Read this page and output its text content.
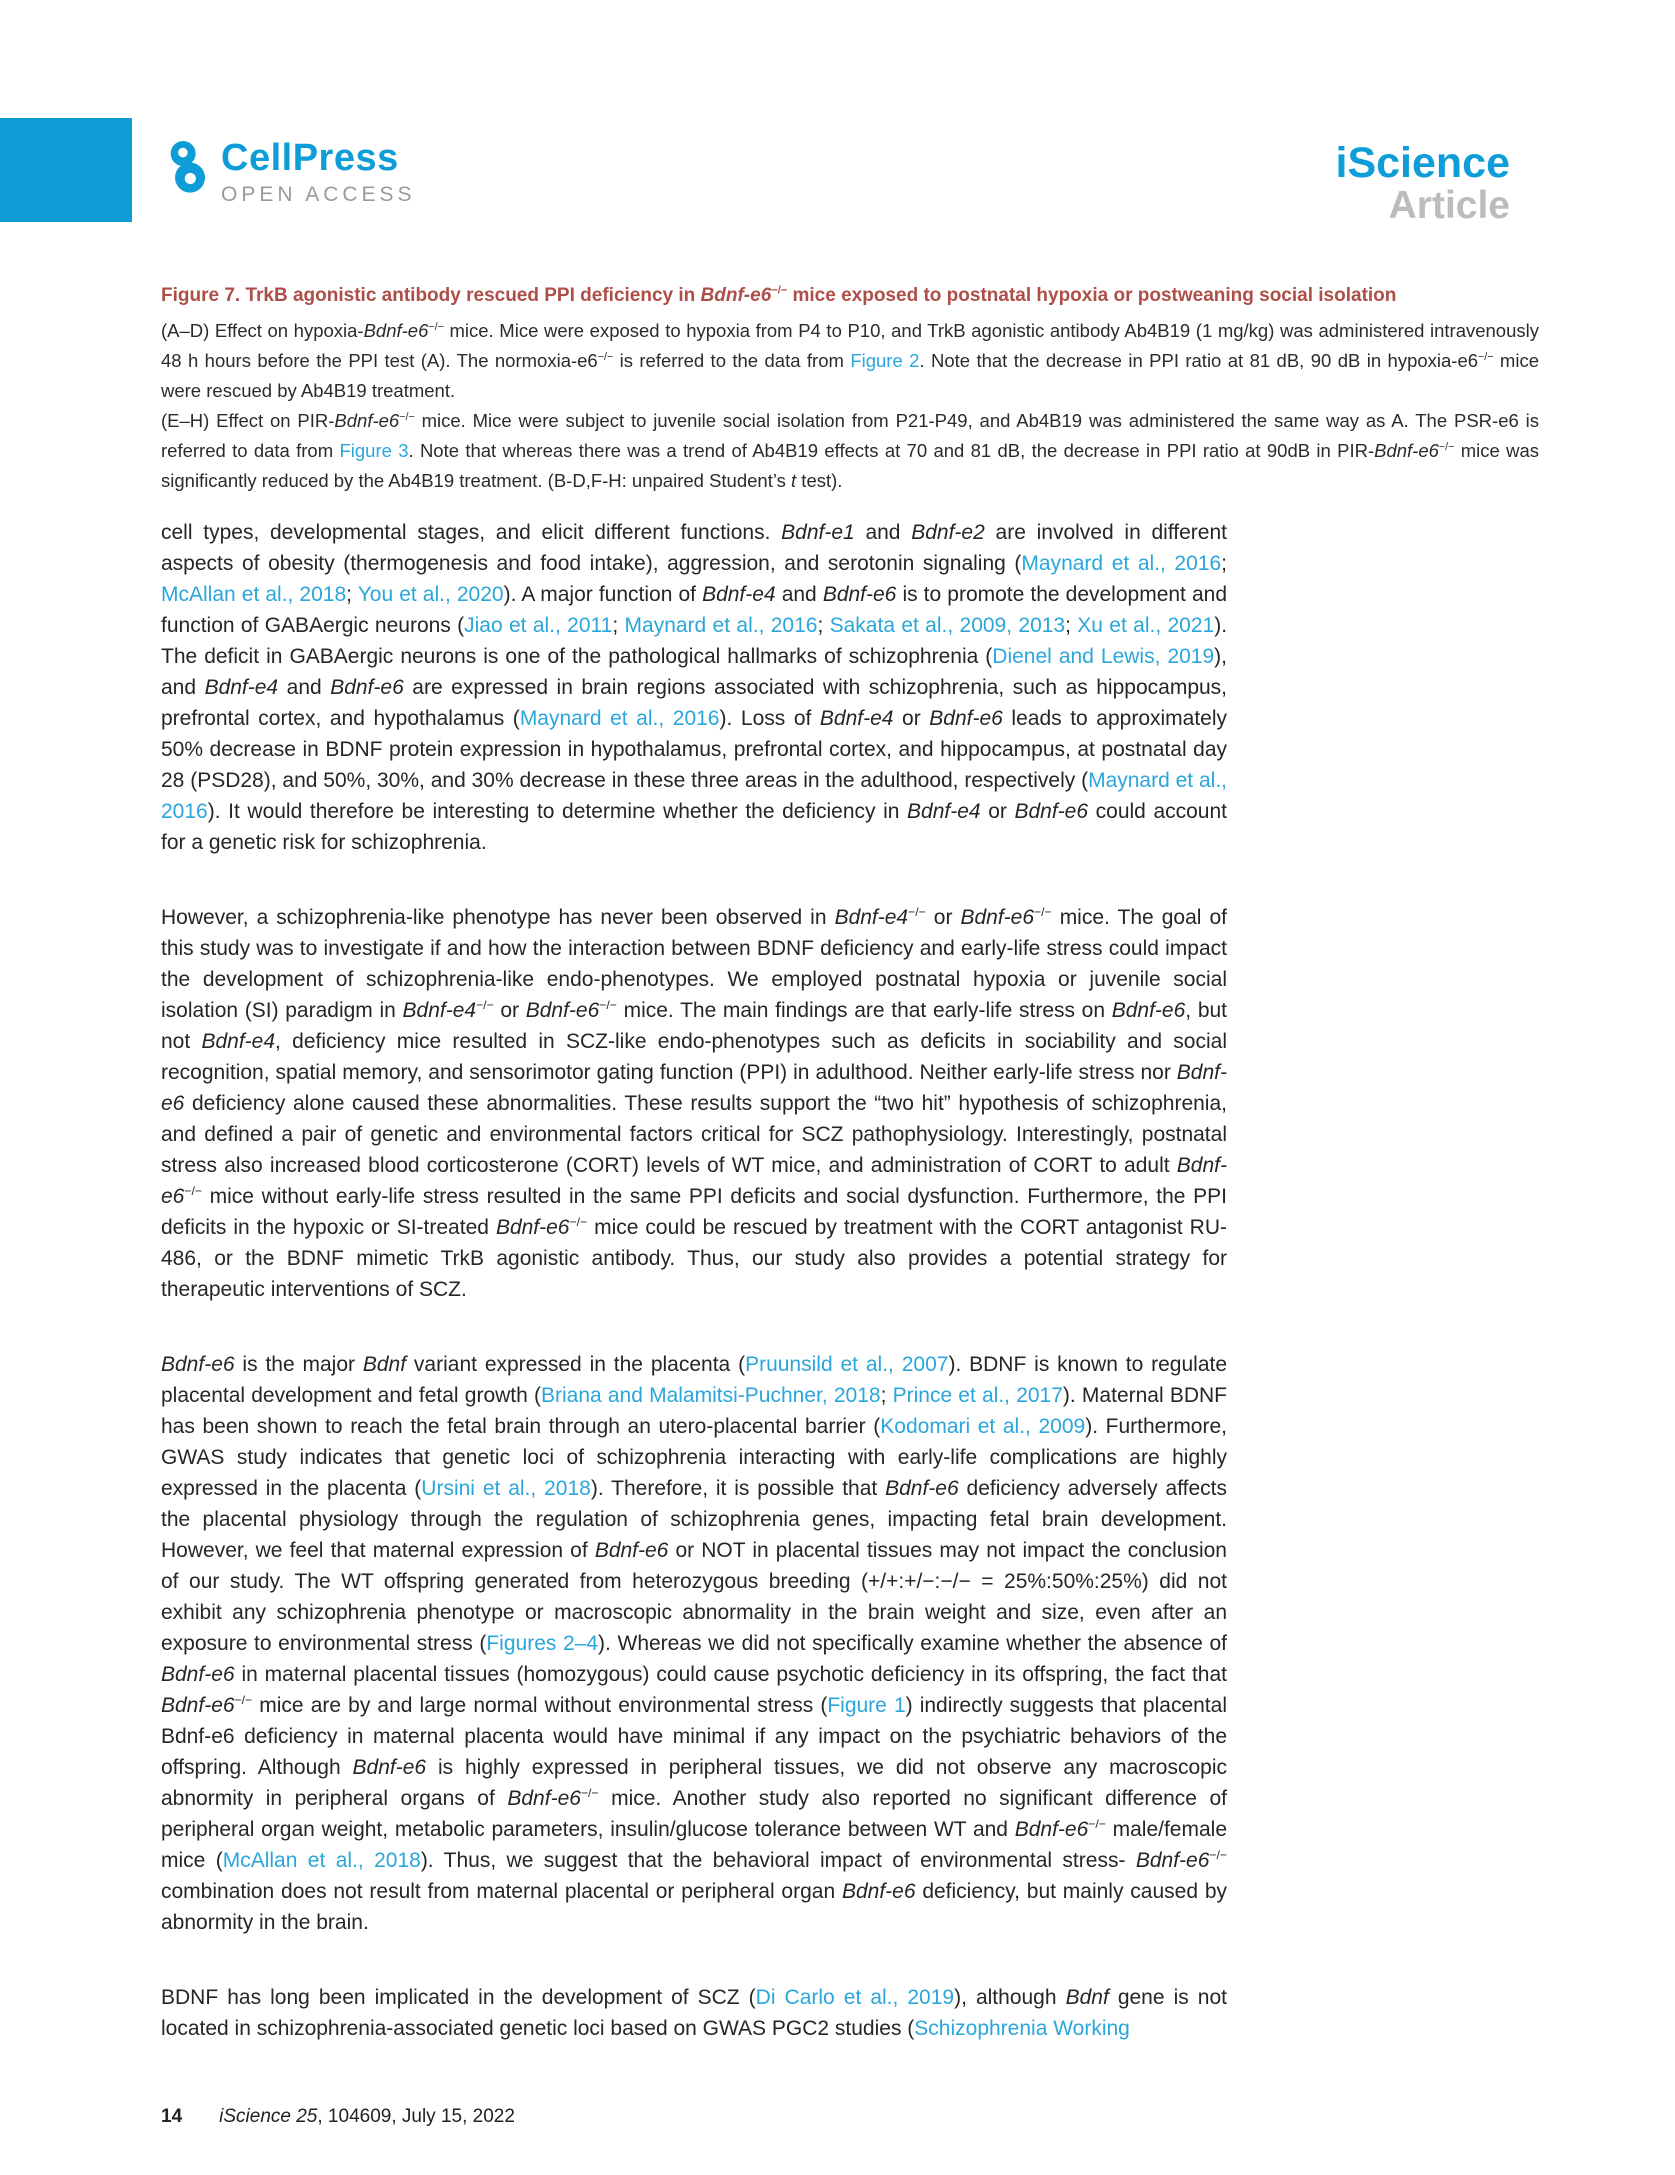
CellPress
OPEN ACCESS
iScience
Article

Figure 7. TrkB agonistic antibody rescued PPI deficiency in Bdnf-e6−/− mice exposed to postnatal hypoxia or postweaning social isolation

(A–D) Effect on hypoxia-Bdnf-e6−/− mice. Mice were exposed to hypoxia from P4 to P10, and TrkB agonistic antibody Ab4B19 (1 mg/kg) was administered intravenously 48 h hours before the PPI test (A). The normoxia-e6−/− is referred to the data from Figure 2. Note that the decrease in PPI ratio at 81 dB, 90 dB in hypoxia-e6−/− mice were rescued by Ab4B19 treatment.

(E–H) Effect on PIR-Bdnf-e6−/− mice. Mice were subject to juvenile social isolation from P21-P49, and Ab4B19 was administered the same way as A. The PSR-e6 is referred to data from Figure 3. Note that whereas there was a trend of Ab4B19 effects at 70 and 81 dB, the decrease in PPI ratio at 90dB in PIR-Bdnf-e6−/− mice was significantly reduced by the Ab4B19 treatment. (B-D,F-H: unpaired Student’s t test).

cell types, developmental stages, and elicit different functions. Bdnf-e1 and Bdnf-e2 are involved in different aspects of obesity (thermogenesis and food intake), aggression, and serotonin signaling (Maynard et al., 2016; McAllan et al., 2018; You et al., 2020). A major function of Bdnf-e4 and Bdnf-e6 is to promote the development and function of GABAergic neurons (Jiao et al., 2011; Maynard et al., 2016; Sakata et al., 2009, 2013; Xu et al., 2021). The deficit in GABAergic neurons is one of the pathological hallmarks of schizophrenia (Dienel and Lewis, 2019), and Bdnf-e4 and Bdnf-e6 are expressed in brain regions associated with schizophrenia, such as hippocampus, prefrontal cortex, and hypothalamus (Maynard et al., 2016). Loss of Bdnf-e4 or Bdnf-e6 leads to approximately 50% decrease in BDNF protein expression in hypothalamus, prefrontal cortex, and hippocampus, at postnatal day 28 (PSD28), and 50%, 30%, and 30% decrease in these three areas in the adulthood, respectively (Maynard et al., 2016). It would therefore be interesting to determine whether the deficiency in Bdnf-e4 or Bdnf-e6 could account for a genetic risk for schizophrenia.

However, a schizophrenia-like phenotype has never been observed in Bdnf-e4−/− or Bdnf-e6−/− mice. The goal of this study was to investigate if and how the interaction between BDNF deficiency and early-life stress could impact the development of schizophrenia-like endo-phenotypes. We employed postnatal hypoxia or juvenile social isolation (SI) paradigm in Bdnf-e4−/− or Bdnf-e6−/− mice. The main findings are that early-life stress on Bdnf-e6, but not Bdnf-e4, deficiency mice resulted in SCZ-like endo-phenotypes such as deficits in sociability and social recognition, spatial memory, and sensorimotor gating function (PPI) in adulthood. Neither early-life stress nor Bdnf-e6 deficiency alone caused these abnormalities. These results support the “two hit” hypothesis of schizophrenia, and defined a pair of genetic and environmental factors critical for SCZ pathophysiology. Interestingly, postnatal stress also increased blood corticosterone (CORT) levels of WT mice, and administration of CORT to adult Bdnf-e6−/− mice without early-life stress resulted in the same PPI deficits and social dysfunction. Furthermore, the PPI deficits in the hypoxic or SI-treated Bdnf-e6−/− mice could be rescued by treatment with the CORT antagonist RU-486, or the BDNF mimetic TrkB agonistic antibody. Thus, our study also provides a potential strategy for therapeutic interventions of SCZ.

Bdnf-e6 is the major Bdnf variant expressed in the placenta (Pruunsild et al., 2007). BDNF is known to regulate placental development and fetal growth (Briana and Malamitsi-Puchner, 2018; Prince et al., 2017). Maternal BDNF has been shown to reach the fetal brain through an utero-placental barrier (Kodomari et al., 2009). Furthermore, GWAS study indicates that genetic loci of schizophrenia interacting with early-life complications are highly expressed in the placenta (Ursini et al., 2018). Therefore, it is possible that Bdnf-e6 deficiency adversely affects the placental physiology through the regulation of schizophrenia genes, impacting fetal brain development. However, we feel that maternal expression of Bdnf-e6 or NOT in placental tissues may not impact the conclusion of our study. The WT offspring generated from heterozygous breeding (+/+:+/−:−/− = 25%:50%:25%) did not exhibit any schizophrenia phenotype or macroscopic abnormality in the brain weight and size, even after an exposure to environmental stress (Figures 2–4). Whereas we did not specifically examine whether the absence of Bdnf-e6 in maternal placental tissues (homozygous) could cause psychotic deficiency in its offspring, the fact that Bdnf-e6−/− mice are by and large normal without environmental stress (Figure 1) indirectly suggests that placental Bdnf-e6 deficiency in maternal placenta would have minimal if any impact on the psychiatric behaviors of the offspring. Although Bdnf-e6 is highly expressed in peripheral tissues, we did not observe any macroscopic abnormity in peripheral organs of Bdnf-e6−/− mice. Another study also reported no significant difference of peripheral organ weight, metabolic parameters, insulin/glucose tolerance between WT and Bdnf-e6−/− male/female mice (McAllan et al., 2018). Thus, we suggest that the behavioral impact of environmental stress- Bdnf-e6−/− combination does not result from maternal placental or peripheral organ Bdnf-e6 deficiency, but mainly caused by abnormity in the brain.

BDNF has long been implicated in the development of SCZ (Di Carlo et al., 2019), although Bdnf gene is not located in schizophrenia-associated genetic loci based on GWAS PGC2 studies (Schizophrenia Working

14 iScience 25, 104609, July 15, 2022
